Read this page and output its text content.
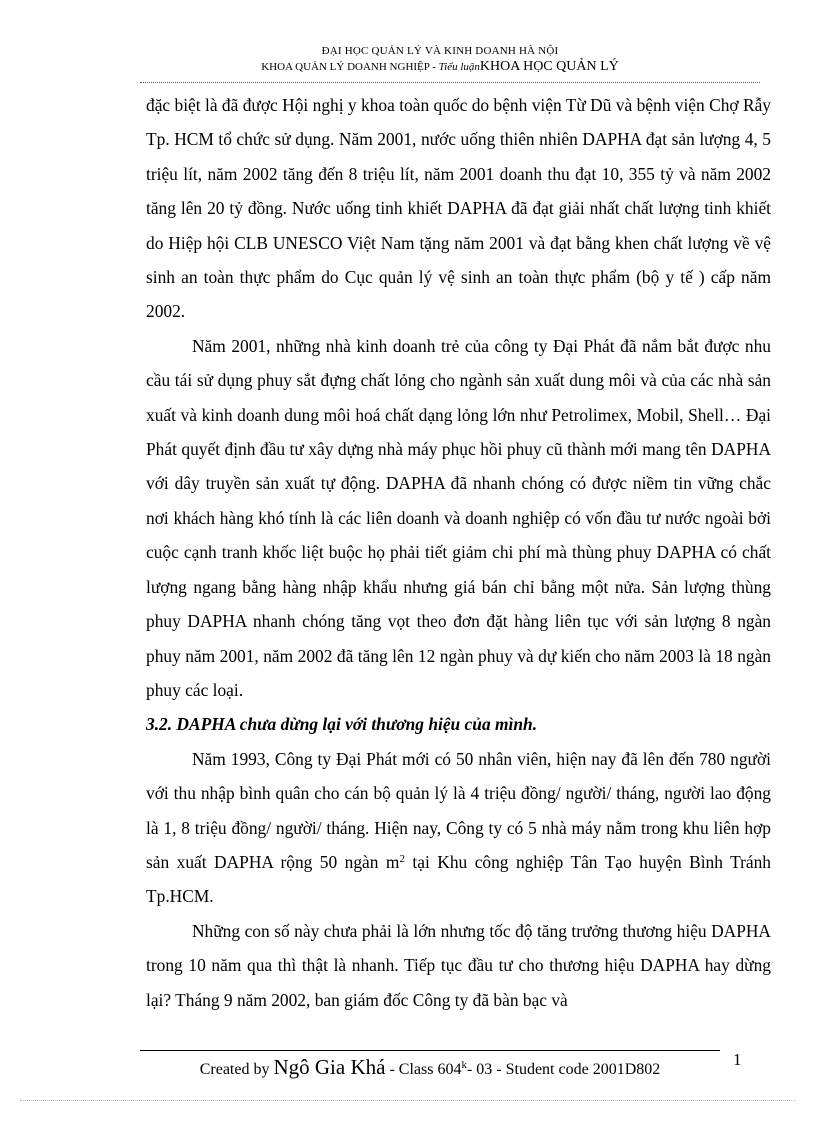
ĐẠI HỌC QUẢN LÝ VÀ KINH DOANH HÀ NỘI
KHOA QUẢN LÝ DOANH NGHIỆP - Tiểu luậnKHOA HỌC QUẢN LÝ

đặc biệt là đã được Hội nghị y khoa toàn quốc do bệnh viện Từ Dũ và bệnh viện Chợ Rẫy Tp. HCM tổ chức sử dụng. Năm 2001, nước uống thiên nhiên DAPHA đạt sản lượng 4, 5 triệu lít, năm 2002 tăng đến 8 triệu lít, năm 2001 doanh thu đạt 10, 355 tỷ và năm 2002 tăng lên 20 tỷ đồng. Nước uống tinh khiết DAPHA đã đạt giải nhất chất lượng tinh khiết do Hiệp hội CLB UNESCO Việt Nam tặng năm 2001 và đạt bằng khen chất lượng về vệ sinh an toàn thực phẩm do Cục quản lý vệ sinh an toàn thực phẩm (bộ y tế ) cấp năm 2002.

Năm 2001, những nhà kinh doanh trẻ của công ty Đại Phát đã nắm bắt được nhu cầu tái sử dụng phuy sắt đựng chất lỏng cho ngành sản xuất dung môi và của các nhà sản xuất và kinh doanh dung môi hoá chất dạng lỏng lớn như Petrolimex, Mobil, Shell… Đại Phát quyết định đầu tư xây dựng nhà máy phục hồi phuy cũ thành mới mang tên DAPHA với dây truyền sản xuất tự động. DAPHA đã nhanh chóng có được niềm tin vững chắc nơi khách hàng khó tính là các liên doanh và doanh nghiệp có vốn đầu tư nước ngoài bởi cuộc cạnh tranh khốc liệt buộc họ phải tiết giảm chi phí mà thùng phuy DAPHA có chất lượng ngang bằng hàng nhập khẩu nhưng giá bán chỉ bằng một nửa. Sản lượng thùng phuy DAPHA nhanh chóng tăng vọt theo đơn đặt hàng liên tục với sản lượng 8 ngàn phuy năm 2001, năm 2002 đã tăng lên 12 ngàn phuy và dự kiến cho năm 2003 là 18 ngàn phuy các loại.

3.2. DAPHA chưa dừng lại với thương hiệu của mình.

Năm 1993, Công ty Đại Phát mới có 50 nhân viên, hiện nay đã lên đến 780 người với thu nhập bình quân cho cán bộ quản lý là 4 triệu đồng/ người/ tháng, người lao động là 1, 8 triệu đồng/ người/ tháng. Hiện nay, Công ty có 5 nhà máy nằm trong khu liên hợp sản xuất DAPHA rộng 50 ngàn $m^2$ tại Khu công nghiệp Tân Tạo huyện Bình Tránh Tp.HCM.

Những con số này chưa phải là lớn nhưng tốc độ tăng trưởng thương hiệu DAPHA trong 10 năm qua thì thật là nhanh. Tiếp tục đầu tư cho thương hiệu DAPHA hay dừng lại? Tháng 9 năm 2002, ban giám đốc Công ty đã bàn bạc và

Created by Ngô Gia Khá - Class 604$^k$- 03 - Student code 2001D802
1
